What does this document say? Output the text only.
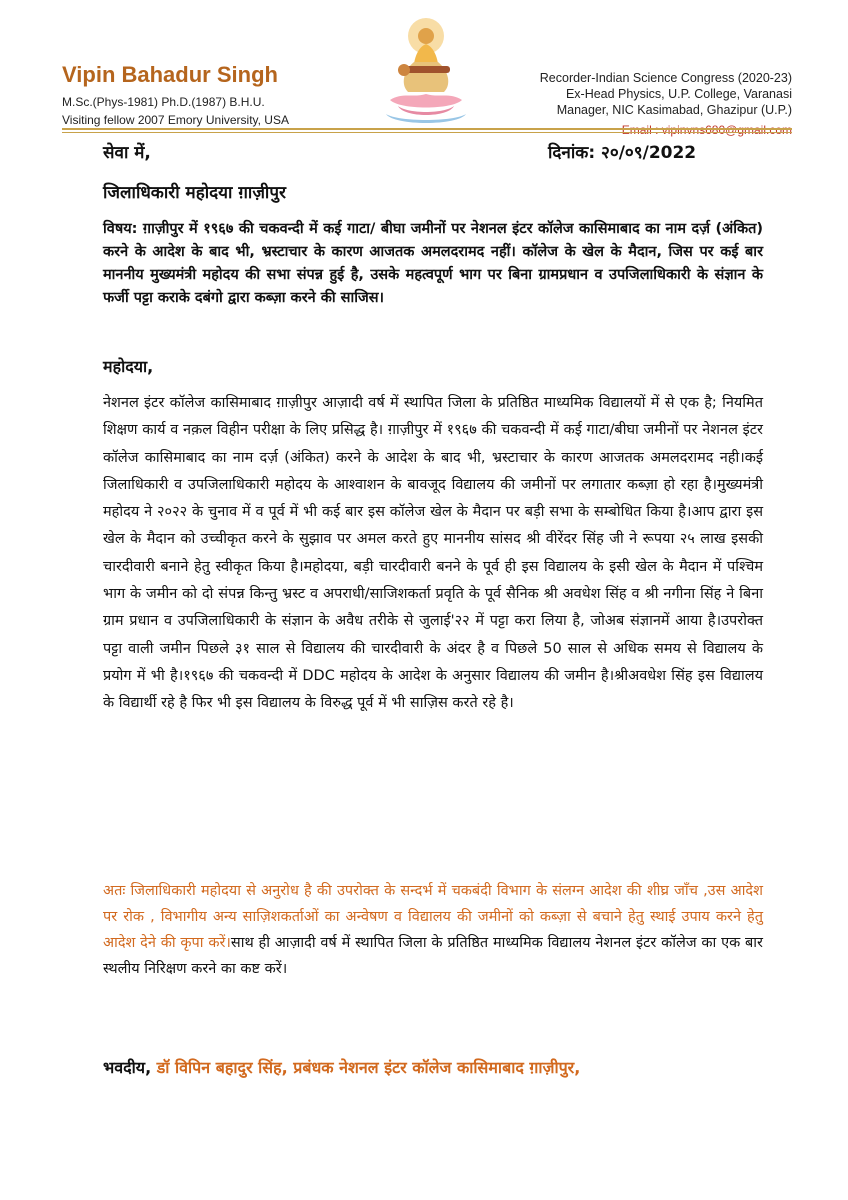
Vipin Bahadur Singh
M.Sc.(Phys-1981) Ph.D.(1987) B.H.U.
Visiting fellow 2007 Emory University, USA
Recorder-Indian Science Congress (2020-23)
Ex-Head Physics, U.P. College, Varanasi
Manager, NIC Kasimabad, Ghazipur (U.P.)
Email : vipinvns680@gmail.com
सेवा में,	दिनांक: २०/०९/2022
जिलाधिकारी महोदया ग़ाज़ीपुर
विषय: ग़ाज़ीपुर में १९६७ की चकवन्दी में कई गाटा/ बीघा जमीनों पर नेशनल इंटर कॉलेज कासिमाबाद का नाम दर्ज़ (अंकित) करने के आदेश के बाद भी, भ्रस्टाचार के कारण आजतक अमलदरामद नहीं। कॉलेज के खेल के मैदान, जिस पर कई बार माननीय मुख्यमंत्री महोदय की सभा संपन्न हुई है, उसके महत्वपूर्ण भाग पर बिना ग्रामप्रधान व उपजिलाधिकारी के संज्ञान के फर्जी पट्टा कराके दबंगो द्वारा कब्ज़ा करने की साजिस।
महोदया,
नेशनल इंटर कॉलेज कासिमाबाद ग़ाज़ीपुर आज़ादी वर्ष में स्थापित जिला के प्रतिष्ठित माध्यमिक विद्यालयों में से एक है; नियमित शिक्षण कार्य व नक़ल विहीन परीक्षा के लिए प्रसिद्ध है। ग़ाज़ीपुर में १९६७ की चकवन्दी में कई गाटा/बीघा जमीनों पर नेशनल इंटर कॉलेज कासिमाबाद का नाम दर्ज़ (अंकित) करने के आदेश के बाद भी, भ्रस्टाचार के कारण आजतक अमलदरामद नही।कई जिलाधिकारी व उपजिलाधिकारी महोदय के आश्वाशन के बावजूद विद्यालय की जमीनों पर लगातार कब्ज़ा हो रहा है।मुख्यमंत्री महोदय ने २०२२ के चुनाव में व पूर्व में भी कई बार इस कॉलेज खेल के मैदान पर बड़ी सभा के सम्बोधित किया है।आप द्वारा इस खेल के मैदान को उच्चीकृत करने के सुझाव पर अमल करते हुए माननीय सांसद श्री वीरेंदर सिंह जी ने रूपया २५ लाख इसकी चारदीवारी बनाने हेतु स्वीकृत किया है।महोदया, बड़ी चारदीवारी बनने के पूर्व ही इस विद्यालय के इसी खेल के मैदान में पश्चिम भाग के जमीन को दो संपन्न किन्तु भ्रस्ट व अपराधी/साजिशकर्ता प्रवृति के पूर्व सैनिक श्री अवधेश सिंह व श्री नगीना सिंह ने बिना ग्राम प्रधान व उपजिलाधिकारी के संज्ञान के अवैध तरीके से जुलाई'२२ में पट्टा करा लिया है, जोअब संज्ञानमें आया है।उपरोक्त पट्टा वाली जमीन पिछले ३१ साल से विद्यालय की चारदीवारी के अंदर है व पिछले 50 साल से अधिक समय से विद्यालय के प्रयोग में भी है।१९६७ की चकवन्दी में DDC महोदय के आदेश के अनुसार विद्यालय की जमीन है।श्रीअवधेश सिंह इस विद्यालय के विद्यार्थी रहे है फिर भी इस विद्यालय के विरुद्ध पूर्व में भी साज़िस करते रहे है।
अतः जिलाधिकारी महोदया से अनुरोध है की उपरोक्त के सन्दर्भ में चकबंदी विभाग के संलग्न आदेश की शीघ्र जाँच ,उस आदेश पर रोक , विभागीय अन्य साज़िशकर्ताओं का अन्वेषण व विद्यालय की जमीनों को कब्ज़ा से बचाने हेतु स्थाई उपाय करने हेतु आदेश देने की कृपा करें।साथ ही आज़ादी वर्ष में स्थापित जिला के प्रतिष्ठित माध्यमिक विद्यालय नेशनल इंटर कॉलेज का एक बार स्थलीय निरिक्षण करने का कष्ट करें।
भवदीय, डॉ विपिन बहादुर सिंह, प्रबंधक नेशनल इंटर कॉलेज कासिमाबाद ग़ाज़ीपुर,
